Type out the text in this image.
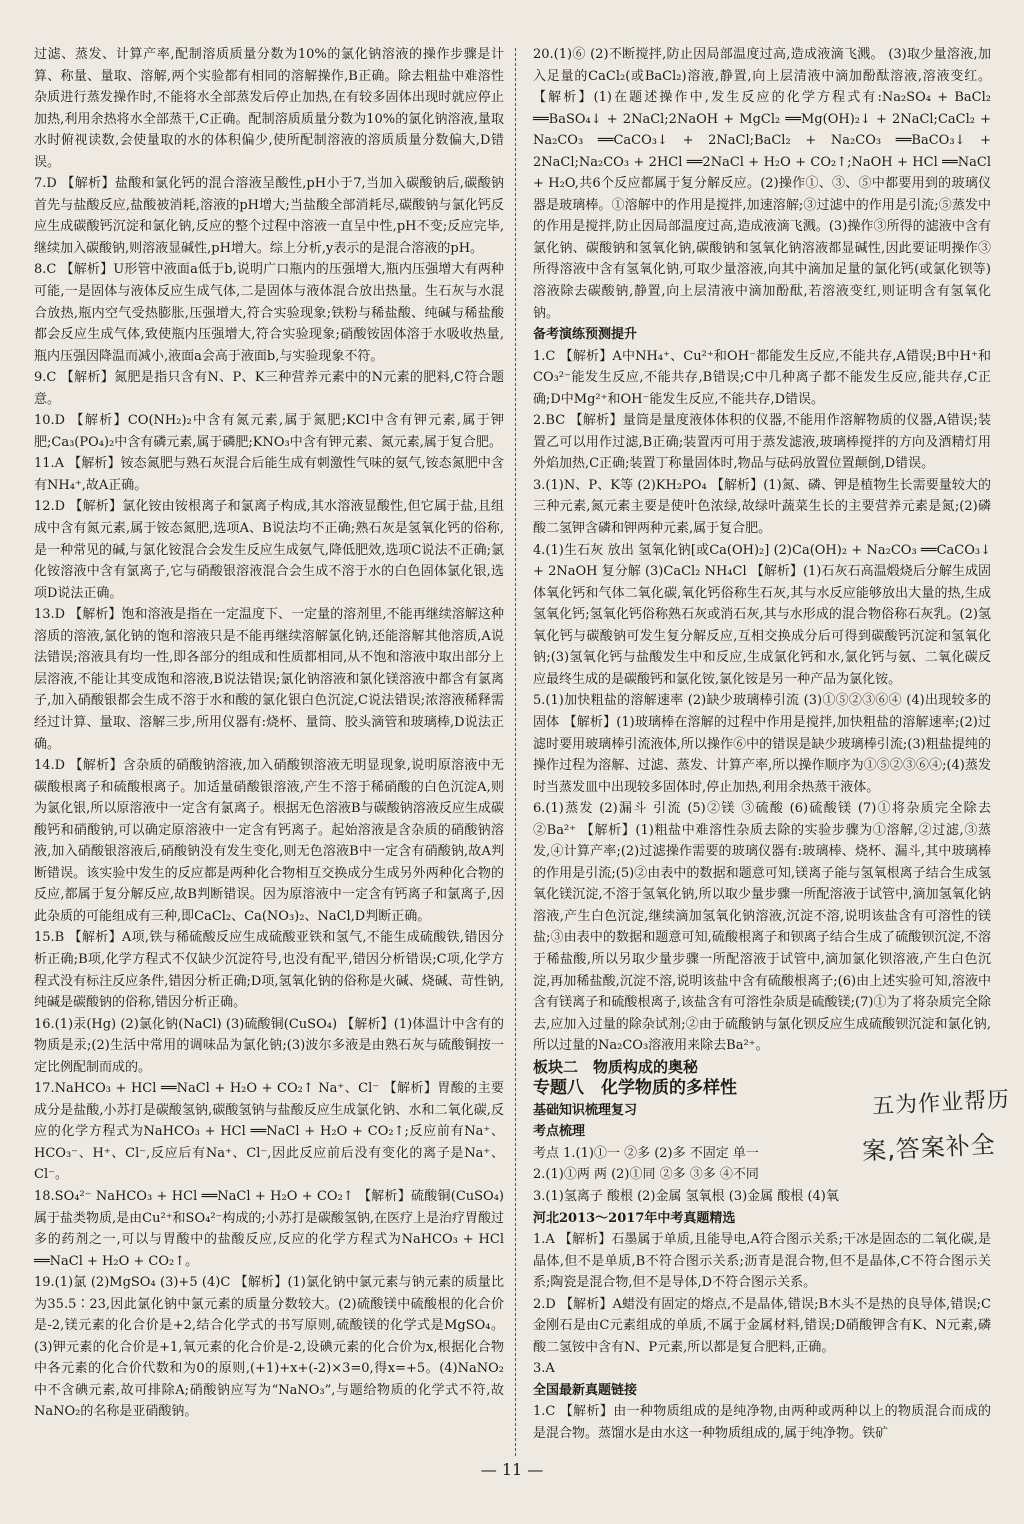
过滤、蒸发、计算产率,配制溶质质量分数为10%的氯化钠溶液的操作步骤是计算、称量、量取、溶解,两个实验都有相同的溶解操作,B正确。除去粗盐中难溶性杂质进行蒸发操作时,不能将水全部蒸发后停止加热,在有较多固体出现时就应停止加热,利用余热将水全部蒸干,C正确。配制溶质质量分数为10%的氯化钠溶液,量取水时俯视读数,会使量取的水的体积偏少,使所配制溶液的溶质质量分数偏大,D错误。

7.D 【解析】盐酸和氯化钙的混合溶液呈酸性,pH小于7,当加入碳酸钠后,碳酸钠首先与盐酸反应,盐酸被消耗,溶液的pH增大;当盐酸全部消耗尽,碳酸钠与氯化钙反应生成碳酸钙沉淀和氯化钠,反应的整个过程中溶液一直呈中性,pH不变;反应完毕,继续加入碳酸钠,则溶液显碱性,pH增大。综上分析,y表示的是混合溶液的pH。

8.C 【解析】U形管中液面a低于b,说明广口瓶内的压强增大,瓶内压强增大有两种可能,一是固体与液体反应生成气体,二是固体与液体混合放出热量。生石灰与水混合放热,瓶内空气受热膨胀,压强增大,符合实验现象;铁粉与稀盐酸、纯碱与稀盐酸都会反应生成气体,致使瓶内压强增大,符合实验现象;硝酸铵固体溶于水吸收热量,瓶内压强因降温而减小,液面a会高于液面b,与实验现象不符。

9.C 【解析】氮肥是指只含有N、P、K三种营养元素中的N元素的肥料,C符合题意。

10.D 【解析】CO(NH₂)₂中含有氮元素,属于氮肥;KCl中含有钾元素,属于钾肥;Ca₃(PO₄)₂中含有磷元素,属于磷肥;KNO₃中含有钾元素、氮元素,属于复合肥。

11.A 【解析】铵态氮肥与熟石灰混合后能生成有刺激性气味的氨气,铵态氮肥中含有NH₄⁺,故A正确。

12.D 【解析】氯化铵由铵根离子和氯离子构成,其水溶液显酸性,但它属于盐,且组成中含有氮元素,属于铵态氮肥,选项A、B说法均不正确;熟石灰是氢氧化钙的俗称,是一种常见的碱,与氯化铵混合会发生反应生成氨气,降低肥效,选项C说法不正确;氯化铵溶液中含有氯离子,它与硝酸银溶液混合会生成不溶于水的白色固体氯化银,选项D说法正确。

13.D 【解析】饱和溶液是指在一定温度下、一定量的溶剂里,不能再继续溶解这种溶质的溶液,氯化钠的饱和溶液只是不能再继续溶解氯化钠,还能溶解其他溶质,A说法错误;溶液具有均一性,即各部分的组成和性质都相同,从不饱和溶液中取出部分上层溶液,不能让其变成饱和溶液,B说法错误;氯化钠溶液和氯化镁溶液中都含有氯离子,加入硝酸银都会生成不溶于水和酸的氯化银白色沉淀,C说法错误;浓溶液稀释需经过计算、量取、溶解三步,所用仪器有:烧杯、量筒、胶头滴管和玻璃棒,D说法正确。

14.D 【解析】含杂质的硝酸钠溶液,加入硝酸钡溶液无明显现象,说明原溶液中无碳酸根离子和硫酸根离子。加适量硝酸银溶液,产生不溶于稀硝酸的白色沉淀A,则为氯化银,所以原溶液中一定含有氯离子。根据无色溶液B与碳酸钠溶液反应生成碳酸钙和硝酸钠,可以确定原溶液中一定含有钙离子。起始溶液是含杂质的硝酸钠溶液,加入硝酸银溶液后,硝酸钠没有发生变化,则无色溶液B中一定含有硝酸钠,故A判断错误。该实验中发生的反应都是两种化合物相互交换成分生成另外两种化合物的反应,都属于复分解反应,故B判断错误。因为原溶液中一定含有钙离子和氯离子,因此杂质的可能组成有三种,即CaCl₂、Ca(NO₃)₂、NaCl,D判断正确。

15.B 【解析】A项,铁与稀硫酸反应生成硫酸亚铁和氢气,不能生成硫酸铁,错因分析正确;B项,化学方程式不仅缺少沉淀符号,也没有配平,错因分析错误;C项,化学方程式没有标注反应条件,错因分析正确;D项,氢氧化钠的俗称是火碱、烧碱、苛性钠,纯碱是碳酸钠的俗称,错因分析正确。

16.(1)汞(Hg) (2)氯化钠(NaCl) (3)硫酸铜(CuSO₄) 【解析】(1)体温计中含有的物质是汞;(2)生活中常用的调味品为氯化钠;(3)波尔多液是由熟石灰与硫酸铜按一定比例配制而成的。

17.NaHCO₃ + HCl ══NaCl + H₂O + CO₂↑ Na⁺、Cl⁻ 【解析】胃酸的主要成分是盐酸,小苏打是碳酸氢钠,碳酸氢钠与盐酸反应生成氯化钠、水和二氧化碳,反应的化学方程式为NaHCO₃ + HCl ══NaCl + H₂O + CO₂↑;反应前有Na⁺、HCO₃⁻、H⁺、Cl⁻,反应后有Na⁺、Cl⁻,因此反应前后没有变化的离子是Na⁺、Cl⁻。

18.SO₄²⁻ NaHCO₃ + HCl ══NaCl + H₂O + CO₂↑ 【解析】硫酸铜(CuSO₄)属于盐类物质,是由Cu²⁺和SO₄²⁻构成的;小苏打是碳酸氢钠,在医疗上是治疗胃酸过多的药剂之一,可以与胃酸中的盐酸反应,反应的化学方程式为NaHCO₃ + HCl ══NaCl + H₂O + CO₂↑。

19.(1)氯 (2)MgSO₄ (3)+5 (4)C 【解析】(1)氯化钠中氯元素与钠元素的质量比为35.5∶23,因此氯化钠中氯元素的质量分数较大。(2)硫酸镁中硫酸根的化合价是-2,镁元素的化合价是+2,结合化学式的书写原则,硫酸镁的化学式是MgSO₄。(3)钾元素的化合价是+1,氧元素的化合价是-2,设碘元素的化合价为x,根据化合物中各元素的化合价代数和为0的原则,(+1)+x+(-2)×3=0,得x=+5。(4)NaNO₂中不含碘元素,故可排除A;硝酸钠应写为“NaNO₃”,与题给物质的化学式不符,故NaNO₂的名称是亚硝酸钠。

20.(1)⑥ (2)不断搅拌,防止因局部温度过高,造成液滴飞溅。 (3)取少量溶液,加入足量的CaCl₂(或BaCl₂)溶液,静置,向上层清液中滴加酚酞溶液,溶液变红。 【解析】(1)在题述操作中,发生反应的化学方程式有:Na₂SO₄ + BaCl₂ ══BaSO₄↓ + 2NaCl;2NaOH + MgCl₂ ══Mg(OH)₂↓ + 2NaCl;CaCl₂ + Na₂CO₃ ══CaCO₃↓ + 2NaCl;BaCl₂ + Na₂CO₃ ══BaCO₃↓ + 2NaCl;Na₂CO₃ + 2HCl ══2NaCl + H₂O + CO₂↑;NaOH + HCl ══NaCl + H₂O,共6个反应都属于复分解反应。(2)操作①、③、⑤中都要用到的玻璃仪器是玻璃棒。①溶解中的作用是搅拌,加速溶解;③过滤中的作用是引流;⑤蒸发中的作用是搅拌,防止因局部温度过高,造成液滴飞溅。(3)操作③所得的滤液中含有氯化钠、碳酸钠和氢氧化钠,碳酸钠和氢氧化钠溶液都显碱性,因此要证明操作③所得溶液中含有氢氧化钠,可取少量溶液,向其中滴加足量的氯化钙(或氯化钡等)溶液除去碳酸钠,静置,向上层清液中滴加酚酞,若溶液变红,则证明含有氢氧化钠。

备考演练预测提升

1.C 【解析】A中NH₄⁺、Cu²⁺和OH⁻都能发生反应,不能共存,A错误;B中H⁺和CO₃²⁻能发生反应,不能共存,B错误;C中几种离子都不能发生反应,能共存,C正确;D中Mg²⁺和OH⁻能发生反应,不能共存,D错误。

2.BC 【解析】量筒是量度液体体积的仪器,不能用作溶解物质的仪器,A错误;装置乙可以用作过滤,B正确;装置丙可用于蒸发滤液,玻璃棒搅拌的方向及酒精灯用外焰加热,C正确;装置丁称量固体时,物品与砝码放置位置颠倒,D错误。

3.(1)N、P、K等 (2)KH₂PO₄ 【解析】(1)氮、磷、钾是植物生长需要量较大的三种元素,氮元素主要是使叶色浓绿,故绿叶蔬菜生长的主要营养元素是氮;(2)磷酸二氢钾含磷和钾两种元素,属于复合肥。

4.(1)生石灰 放出 氢氧化钠[或Ca(OH)₂] (2)Ca(OH)₂ + Na₂CO₃ ══CaCO₃↓ + 2NaOH 复分解 (3)CaCl₂ NH₄Cl 【解析】(1)石灰石高温煅烧后分解生成固体氧化钙和气体二氧化碳,氧化钙俗称生石灰,其与水反应能够放出大量的热,生成氢氧化钙;氢氧化钙俗称熟石灰或消石灰,其与水形成的混合物俗称石灰乳。(2)氢氧化钙与碳酸钠可发生复分解反应,互相交换成分后可得到碳酸钙沉淀和氢氧化钠;(3)氢氧化钙与盐酸发生中和反应,生成氯化钙和水,氯化钙与氨、二氧化碳反应最终生成的是碳酸钙和氯化铵,氯化铵是另一种产品为氯化铵。

5.(1)加快粗盐的溶解速率 (2)缺少玻璃棒引流 (3)①⑤②③⑥④ (4)出现较多的固体 【解析】(1)玻璃棒在溶解的过程中作用是搅拌,加快粗盐的溶解速率;(2)过滤时要用玻璃棒引流液体,所以操作⑥中的错误是缺少玻璃棒引流;(3)粗盐提纯的操作过程为溶解、过滤、蒸发、计算产率,所以操作顺序为①⑤②③⑥④;(4)蒸发时当蒸发皿中出现较多固体时,停止加热,利用余热蒸干液体。

6.(1)蒸发 (2)漏斗 引流 (5)②镁 ③硫酸 (6)硫酸镁 (7)①将杂质完全除去 ②Ba²⁺ 【解析】(1)粗盐中难溶性杂质去除的实验步骤为①溶解,②过滤,③蒸发,④计算产率;(2)过滤操作需要的玻璃仪器有:玻璃棒、烧杯、漏斗,其中玻璃棒的作用是引流;(5)②由表中的数据和题意可知,镁离子能与氢氧根离子结合生成氢氧化镁沉淀,不溶于氢氧化钠,所以取少量步骤一所配溶液于试管中,滴加氢氧化钠溶液,产生白色沉淀,继续滴加氢氧化钠溶液,沉淀不溶,说明该盐含有可溶性的镁盐;③由表中的数据和题意可知,硫酸根离子和钡离子结合生成了硫酸钡沉淀,不溶于稀盐酸,所以另取少量步骤一所配溶液于试管中,滴加氯化钡溶液,产生白色沉淀,再加稀盐酸,沉淀不溶,说明该盐中含有硫酸根离子;(6)由上述实验可知,溶液中含有镁离子和硫酸根离子,该盐含有可溶性杂质是硫酸镁;(7)①为了将杂质完全除去,应加入过量的除杂试剂;②由于硫酸钠与氯化钡反应生成硫酸钡沉淀和氯化钠,所以过量的Na₂CO₃溶液用来除去Ba²⁺。

板块二　物质构成的奥秘

专题八　化学物质的多样性

基础知识梳理复习

考点梳理

考点 1.(1)①一 ②多 (2)多 不固定 单一

2.(1)①两 两 (2)①同 ②多 ③多 ④不同

3.(1)氢离子 酸根 (2)金属 氢氧根 (3)金属 酸根 (4)氧

河北2013～2017年中考真题精选

1.A 【解析】石墨属于单质,且能导电,A符合图示关系;干冰是固态的二氧化碳,是晶体,但不是单质,B不符合图示关系;沥青是混合物,但不是晶体,C不符合图示关系;陶瓷是混合物,但不是导体,D不符合图示关系。

2.D 【解析】A蜡没有固定的熔点,不是晶体,错误;B木头不是热的良导体,错误;C金刚石是由C元素组成的单质,不属于金属材料,错误;D硝酸钾含有K、N元素,磷酸二氢铵中含有N、P元素,所以都是复合肥料,正确。

3.A

全国最新真题链接

1.C 【解析】由一种物质组成的是纯净物,由两种或两种以上的物质混合而成的是混合物。蒸馏水是由水这一种物质组成的,属于纯净物。铁矿

五为作业帮历
案,答案补全
— 11 —
